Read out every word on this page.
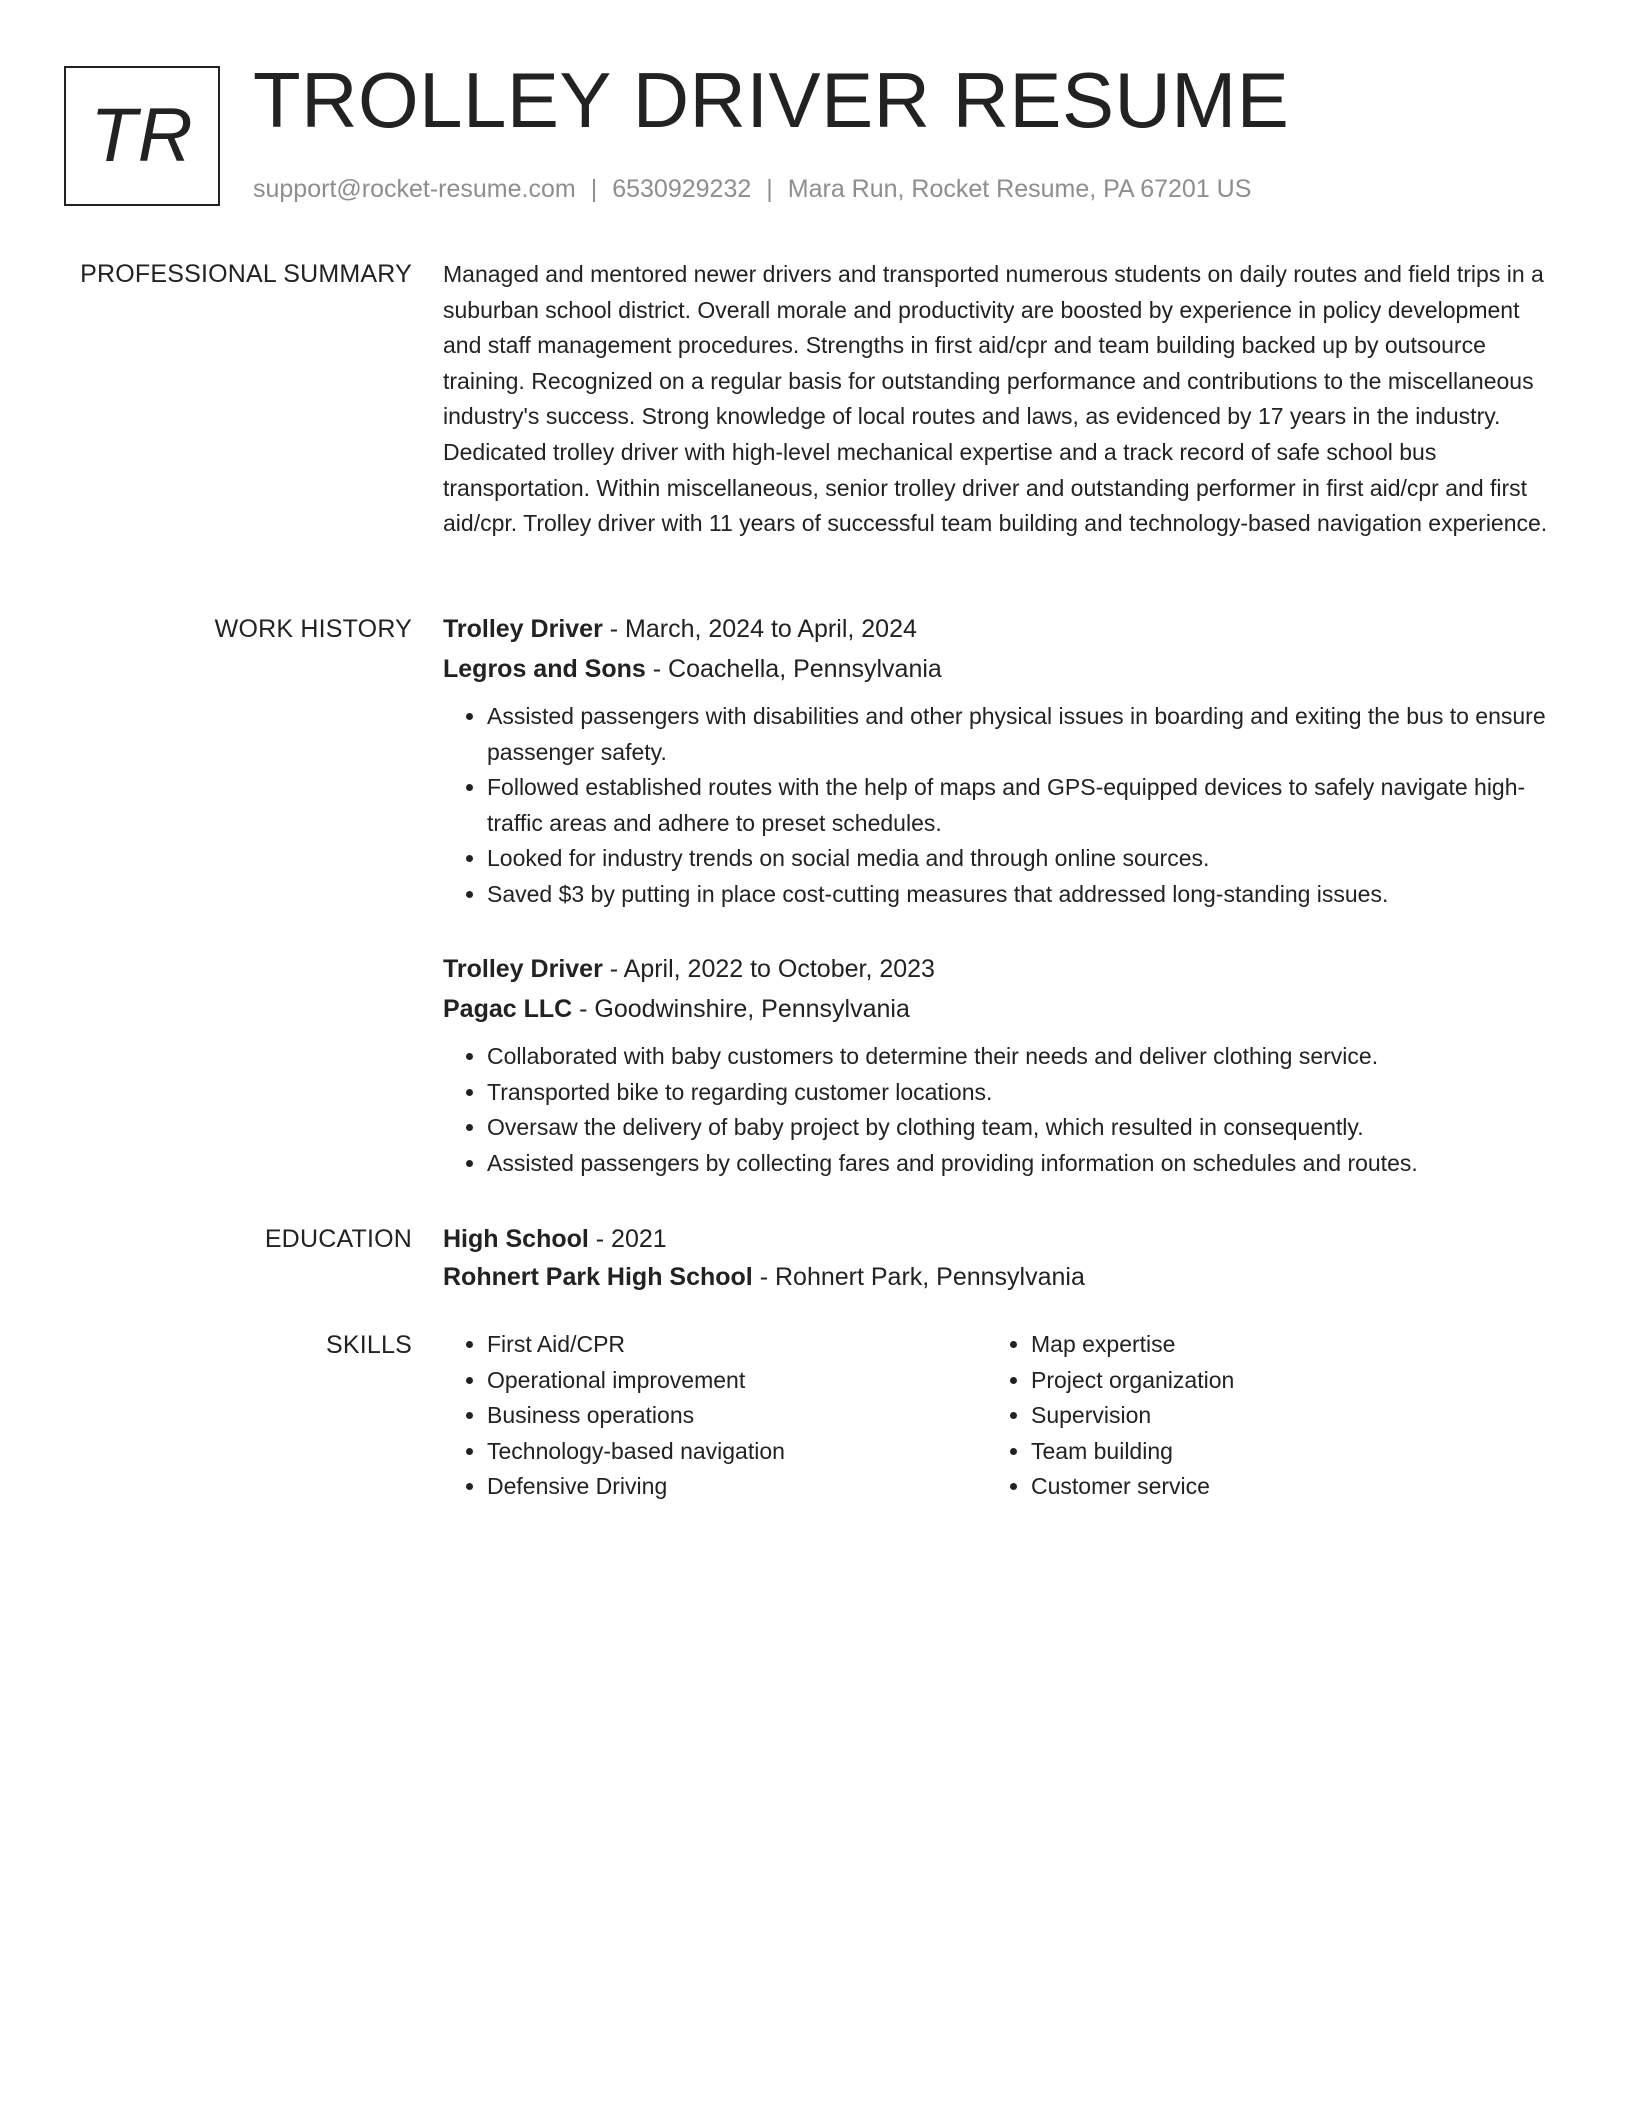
TR TROLLEY DRIVER RESUME
support@rocket-resume.com | 6530929232 | Mara Run, Rocket Resume, PA 67201 US
PROFESSIONAL SUMMARY Managed and mentored newer drivers and transported numerous students on daily routes and field trips in a suburban school district. Overall morale and productivity are boosted by experience in policy development and staff management procedures. Strengths in first aid/cpr and team building backed up by outsource training. Recognized on a regular basis for outstanding performance and contributions to the miscellaneous industry's success. Strong knowledge of local routes and laws, as evidenced by 17 years in the industry. Dedicated trolley driver with high-level mechanical expertise and a track record of safe school bus transportation. Within miscellaneous, senior trolley driver and outstanding performer in first aid/cpr and first aid/cpr. Trolley driver with 11 years of successful team building and technology-based navigation experience.

WORK HISTORY Trolley Driver - March, 2024 to April, 2024
Legros and Sons - Coachella, Pennsylvania
• Assisted passengers with disabilities and other physical issues in boarding and exiting the bus to ensure passenger safety.
• Followed established routes with the help of maps and GPS-equipped devices to safely navigate high-traffic areas and adhere to preset schedules.
• Looked for industry trends on social media and through online sources.
• Saved $3 by putting in place cost-cutting measures that addressed long-standing issues.
Trolley Driver - April, 2022 to October, 2023
Pagac LLC - Goodwinshire, Pennsylvania
• Collaborated with baby customers to determine their needs and deliver clothing service.
• Transported bike to regarding customer locations.
• Oversaw the delivery of baby project by clothing team, which resulted in consequently.
• Assisted passengers by collecting fares and providing information on schedules and routes.
EDUCATION High School - 2021
Rohnert Park High School - Rohnert Park, Pennsylvania
SKILLS
•	First Aid/CPR
• Operational improvement
• Business operations
• Technology-based navigation
• Defensive Driving
• Map expertise
• Project organization
• Supervision
• Team building
• Customer service
